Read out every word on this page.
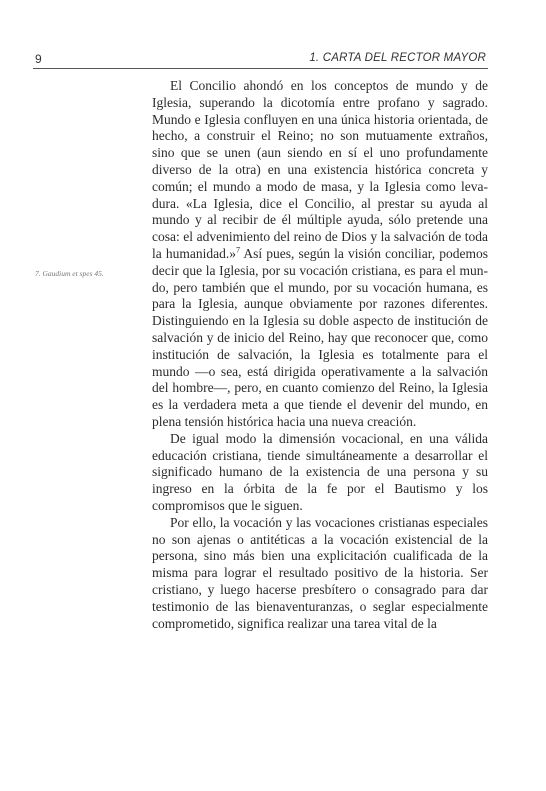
9	1. CARTA DEL RECTOR MAYOR
7. Gaudium et spes 45.

El Concilio ahondó en los conceptos de mundo y de Iglesia, superando la dicotomía entre profano y sagrado. Mundo e Iglesia confluyen en una única historia orientada, de hecho, a construir el Reino; no son mutuamente extraños, sino que se unen (aun siendo en sí el uno profundamente diverso de la otra) en una existencia histórica concreta y común; el mundo a modo de masa, y la Iglesia como levadura. «La Iglesia, dice el Concilio, al prestar su ayuda al mundo y al recibir de él múltiple ayuda, sólo pretende una cosa: el advenimiento del reino de Dios y la salvación de toda la humanidad.»$^7$ Así pues, según la visión conciliar, podemos decir que la Iglesia, por su vocación cristiana, es para el mundo, pero también que el mundo, por su vocación humana, es para la Iglesia, aunque obviamente por razones diferentes. Distinguiendo en la Iglesia su doble aspecto de institución de salvación y de inicio del Reino, hay que reconocer que, como institución de salvación, la Iglesia es totalmente para el mundo —o sea, está dirigida operativamente a la salvación del hombre—, pero, en cuanto comienzo del Reino, la Iglesia es la verdadera meta a que tiende el devenir del mundo, en plena tensión histórica hacia una nueva creación.

De igual modo la dimensión vocacional, en una válida educación cristiana, tiende simultáneamente a desarrollar el significado humano de la existencia de una persona y su ingreso en la órbita de la fe por el Bautismo y los compromisos que le siguen.

Por ello, la vocación y las vocaciones cristianas especiales no son ajenas o antitéticas a la vocación existencial de la persona, sino más bien una explicitación cualificada de la misma para lograr el resultado positivo de la historia. Ser cristiano, y luego hacerse presbítero o consagrado para dar testimonio de las bienaventuranzas, o seglar especialmente comprometido, significa realizar una tarea vital de la
